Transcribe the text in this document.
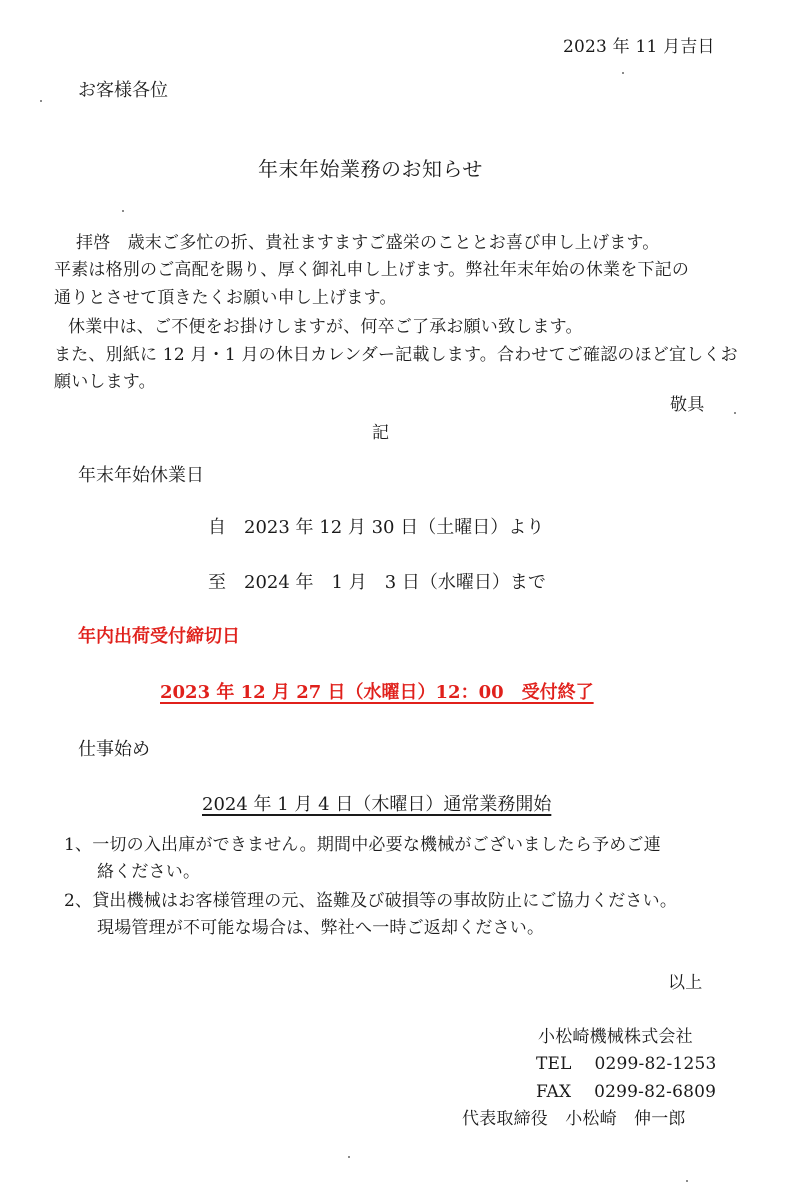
2023 年 11 月吉日
お客様各位
年末年始業務のお知らせ
拝啓　歳末ご多忙の折、貴社ますますご盛栄のこととお喜び申し上げます。
平素は格別のご高配を賜り、厚く御礼申し上げます。弊社年末年始の休業を下記の
通りとさせて頂きたくお願い申し上げます。
休業中は、ご不便をお掛けしますが、何卒ご了承お願い致します。
また、別紙に 12 月・1 月の休日カレンダー記載します。合わせてご確認のほど宜しくお
願いします。
敬具
記
年末年始休業日
自　2023 年 12 月 30 日（土曜日）より
至　2024 年　1 月　3 日（水曜日）まで
年内出荷受付締切日
2023 年 12 月 27 日（水曜日）12：00　受付終了
仕事始め
2024 年 1 月 4 日（木曜日）通常業務開始
1、一切の入出庫ができません。期間中必要な機械がございましたら予めご連
絡ください。
2、貸出機械はお客様管理の元、盗難及び破損等の事故防止にご協力ください。
現場管理が不可能な場合は、弊社へ一時ご返却ください。
以上
小松崎機械株式会社
TEL　 0299-82-1253
FAX　 0299-82-6809
代表取締役　小松崎　伸一郎
